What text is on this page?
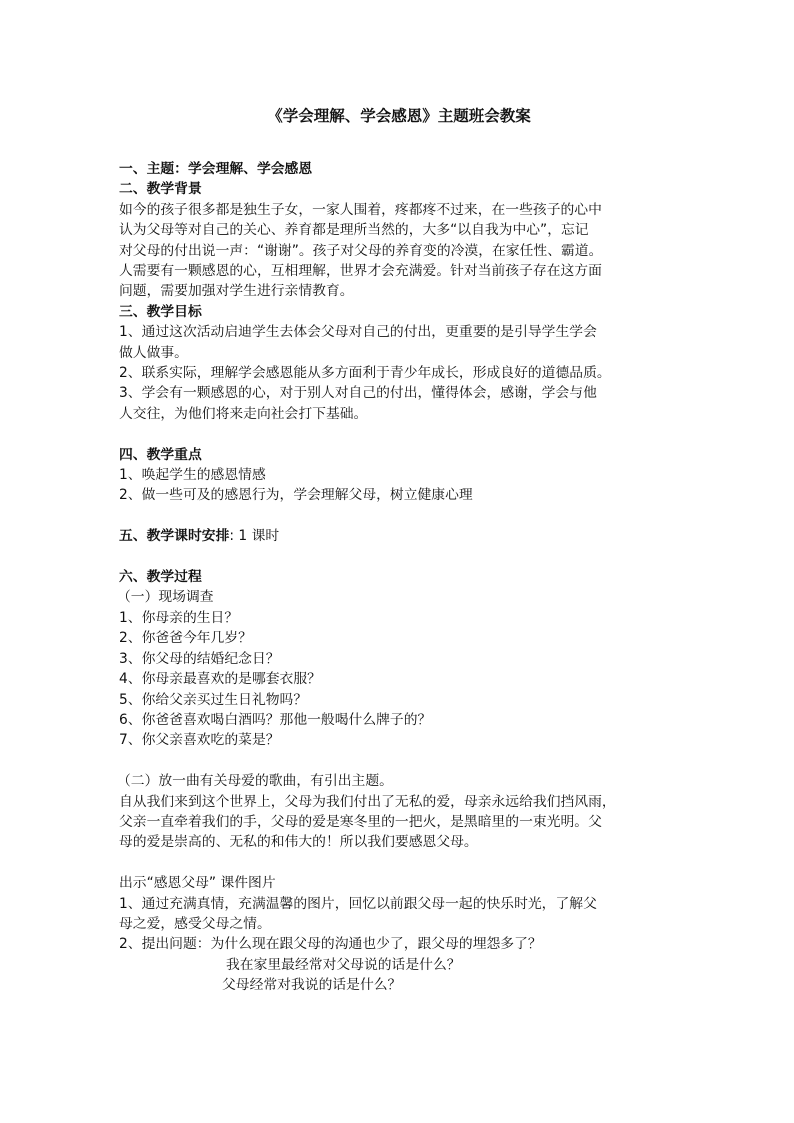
《学会理解、学会感恩》主题班会教案
一、主题：学会理解、学会感恩
二、教学背景
如今的孩子很多都是独生子女，一家人围着，疼都疼不过来，在一些孩子的心中
认为父母等对自己的关心、养育都是理所当然的，大多“以自我为中心”，忘记
对父母的付出说一声：“谢谢”。孩子对父母的养育变的冷漠，在家任性、霸道。
人需要有一颗感恩的心，互相理解，世界才会充满爱。针对当前孩子存在这方面
问题，需要加强对学生进行亲情教育。
三、教学目标
1、通过这次活动启迪学生去体会父母对自己的付出，更重要的是引导学生学会
做人做事。
2、联系实际，理解学会感恩能从多方面利于青少年成长，形成良好的道德品质。
3、学会有一颗感恩的心，对于别人对自己的付出，懂得体会，感谢，学会与他
人交往，为他们将来走向社会打下基础。
四、教学重点
1、唤起学生的感恩情感
2、做一些可及的感恩行为，学会理解父母，树立健康心理
五、教学课时安排: 1 课时
六、教学过程
（一）现场调查
1、你母亲的生日？
2、你爸爸今年几岁？
3、你父母的结婚纪念日？
4、你母亲最喜欢的是哪套衣服？
5、你给父亲买过生日礼物吗？
6、你爸爸喜欢喝白酒吗？那他一般喝什么牌子的？
7、你父亲喜欢吃的菜是？
（二）放一曲有关母爱的歌曲，有引出主题。
自从我们来到这个世界上，父母为我们付出了无私的爱，母亲永远给我们挡风雨，
父亲一直牵着我们的手，父母的爱是寒冬里的一把火，是黑暗里的一束光明。父
母的爱是崇高的、无私的和伟大的！所以我们要感恩父母。
出示“感恩父母” 课件图片
1、通过充满真情，充满温馨的图片，回忆以前跟父母一起的快乐时光，了解父
母之爱，感受父母之情。
2、提出问题：为什么现在跟父母的沟通也少了，跟父母的埋怨多了？
我在家里最经常对父母说的话是什么？
父母经常对我说的话是什么？
